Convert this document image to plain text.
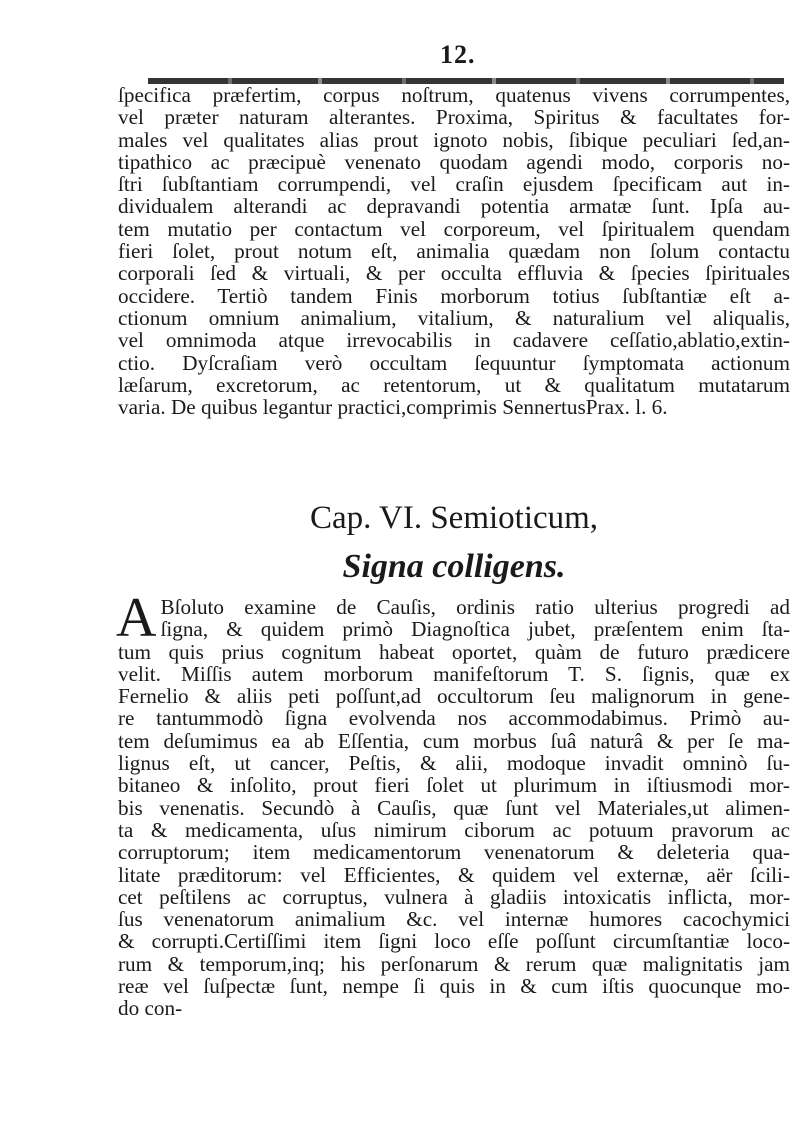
12.
ſpecifica præfertim, corpus noſtrum, quatenus vivens corrumpentes,
vel præter naturam alterantes. Proxima, Spiritus & facultates for-
males vel qualitates alias prout ignoto nobis, ſibique peculiari ſed,an-
tipathico ac præcipuè venenato quodam agendi modo, corporis no-
ſtri ſubſtantiam corrumpendi, vel craſin ejusdem ſpecificam aut in-
dividualem alterandi ac depravandi potentia armatæ ſunt. Ipſa au-
tem mutatio per contactum vel corporeum, vel ſpiritualem quendam
fieri ſolet, prout notum eſt, animalia quædam non ſolum contactu
corporali ſed & virtuali, & per occulta effluvia & ſpecies ſpirituales
occidere. Tertiò tandem Finis morborum totius ſubſtantiæ eſt a-
ctionum omnium animalium, vitalium, & naturalium vel aliqualis,
vel omnimoda atque irrevocabilis in cadavere ceſſatio,ablatio,extin-
ctio. Dyſcraſiam verò occultam ſequuntur ſymptomata actionum
læſarum, excretorum, ac retentorum, ut & qualitatum mutatarum
varia. De quibus legantur practici,comprimis SennertusPrax. l. 6.
Cap. VI. Semioticum,
Signa colligens.
A Bſoluto examine de Cauſis, ordinis ratio ulterius progredi ad
ſigna, & quidem primò Diagnoſtica jubet, præſentem enim ſta-
tum quis prius cognitum habeat oportet, quàm de futuro prædicere
velit. Miſſis autem morborum manifeſtorum T. S. ſignis, quæ ex
Fernelio & aliis peti poſſunt,ad occultorum ſeu malignorum in gene-
re tantummodò ſigna evolvenda nos accommodabimus. Primò au-
tem deſumimus ea ab Eſſentia, cum morbus ſuâ naturâ & per ſe ma-
lignus eſt, ut cancer, Peſtis, & alii, modoque invadit omninò ſu-
bitaneo & inſolito, prout fieri ſolet ut plurimum in iſtiusmodi mor-
bis venenatis. Secundò à Cauſis, quæ ſunt vel Materiales,ut alimen-
ta & medicamenta, uſus nimirum ciborum ac potuum pravorum ac
corruptorum; item medicamentorum venenatorum & deleteria qua-
litate præditorum: vel Efficientes, & quidem vel externæ, aër ſcili-
cet peſtilens ac corruptus, vulnera à gladiis intoxicatis inflicta, mor-
ſus venenatorum animalium &c. vel internæ humores cacochymici
& corrupti.Certiſſimi item ſigni loco eſſe poſſunt circumſtantiæ loco-
rum & temporum,inq; his perſonarum & rerum quæ malignitatis jam
reæ vel ſuſpectæ ſunt, nempe ſi quis in & cum iſtis quocunque mo-
do con-
